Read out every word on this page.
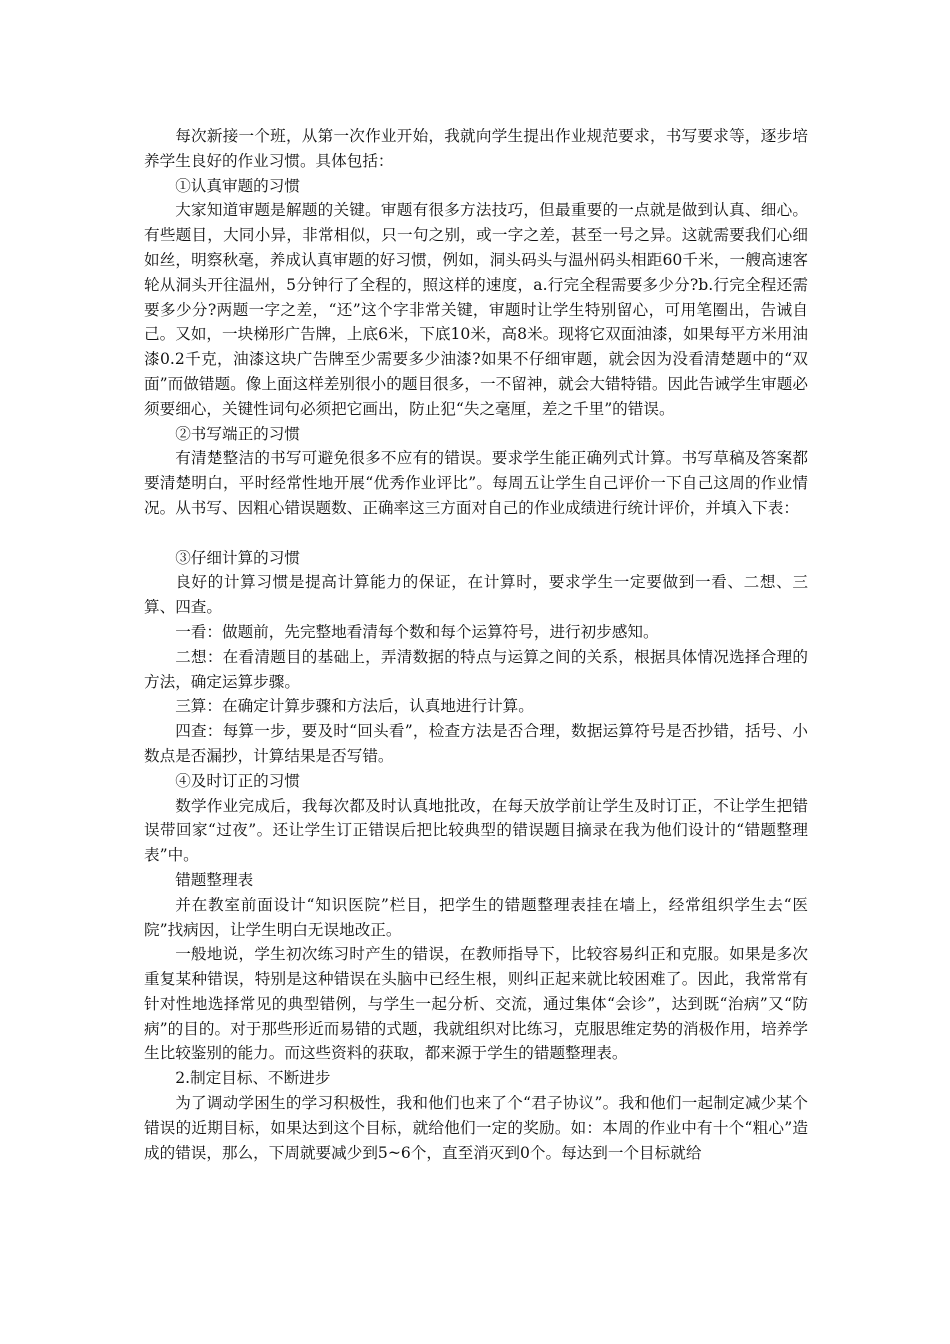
每次新接一个班，从第一次作业开始，我就向学生提出作业规范要求，书写要求等，逐步培养学生良好的作业习惯。具体包括：

①认真审题的习惯

大家知道审题是解题的关键。审题有很多方法技巧，但最重要的一点就是做到认真、细心。有些题目，大同小异，非常相似，只一句之别，或一字之差，甚至一号之异。这就需要我们心细如丝，明察秋毫，养成认真审题的好习惯，例如，洞头码头与温州码头相距60千米，一艘高速客轮从洞头开往温州，5分钟行了全程的，照这样的速度，a.行完全程需要多少分?b.行完全程还需要多少分?两题一字之差，“还”这个字非常关键，审题时让学生特别留心，可用笔圈出，告诫自己。又如，一块梯形广告牌，上底6米，下底10米，高8米。现将它双面油漆，如果每平方米用油漆0.2千克，油漆这块广告牌至少需要多少油漆?如果不仔细审题，就会因为没看清楚题中的“双面”而做错题。像上面这样差别很小的题目很多，一不留神，就会大错特错。因此告诫学生审题必须要细心，关键性词句必须把它画出，防止犯“失之毫厘，差之千里”的错误。

②书写端正的习惯

有清楚整洁的书写可避免很多不应有的错误。要求学生能正确列式计算。书写草稿及答案都要清楚明白，平时经常性地开展“优秀作业评比”。每周五让学生自己评价一下自己这周的作业情况。从书写、因粗心错误题数、正确率这三方面对自己的作业成绩进行统计评价，并填入下表：

③仔细计算的习惯

良好的计算习惯是提高计算能力的保证，在计算时，要求学生一定要做到一看、二想、三算、四查。

一看：做题前，先完整地看清每个数和每个运算符号，进行初步感知。

二想：在看清题目的基础上，弄清数据的特点与运算之间的关系，根据具体情况选择合理的方法，确定运算步骤。

三算：在确定计算步骤和方法后，认真地进行计算。

四查：每算一步，要及时“回头看”，检查方法是否合理，数据运算符号是否抄错，括号、小数点是否漏抄，计算结果是否写错。

④及时订正的习惯

数学作业完成后，我每次都及时认真地批改，在每天放学前让学生及时订正，不让学生把错误带回家“过夜”。还让学生订正错误后把比较典型的错误题目摘录在我为他们设计的“错题整理表”中。

错题整理表

并在教室前面设计“知识医院”栏目，把学生的错题整理表挂在墙上，经常组织学生去“医院”找病因，让学生明白无误地改正。

一般地说，学生初次练习时产生的错误，在教师指导下，比较容易纠正和克服。如果是多次重复某种错误，特别是这种错误在头脑中已经生根，则纠正起来就比较困难了。因此，我常常有针对性地选择常见的典型错例，与学生一起分析、交流，通过集体“会诊”，达到既“治病”又“防病”的目的。对于那些形近而易错的式题，我就组织对比练习，克服思维定势的消极作用，培养学生比较鉴别的能力。而这些资料的获取，都来源于学生的错题整理表。

2.制定目标、不断进步

为了调动学困生的学习积极性，我和他们也来了个“君子协议”。我和他们一起制定减少某个错误的近期目标，如果达到这个目标，就给他们一定的奖励。如：本周的作业中有十个“粗心”造成的错误，那么，下周就要减少到5~6个，直至消灭到0个。每达到一个目标就给
